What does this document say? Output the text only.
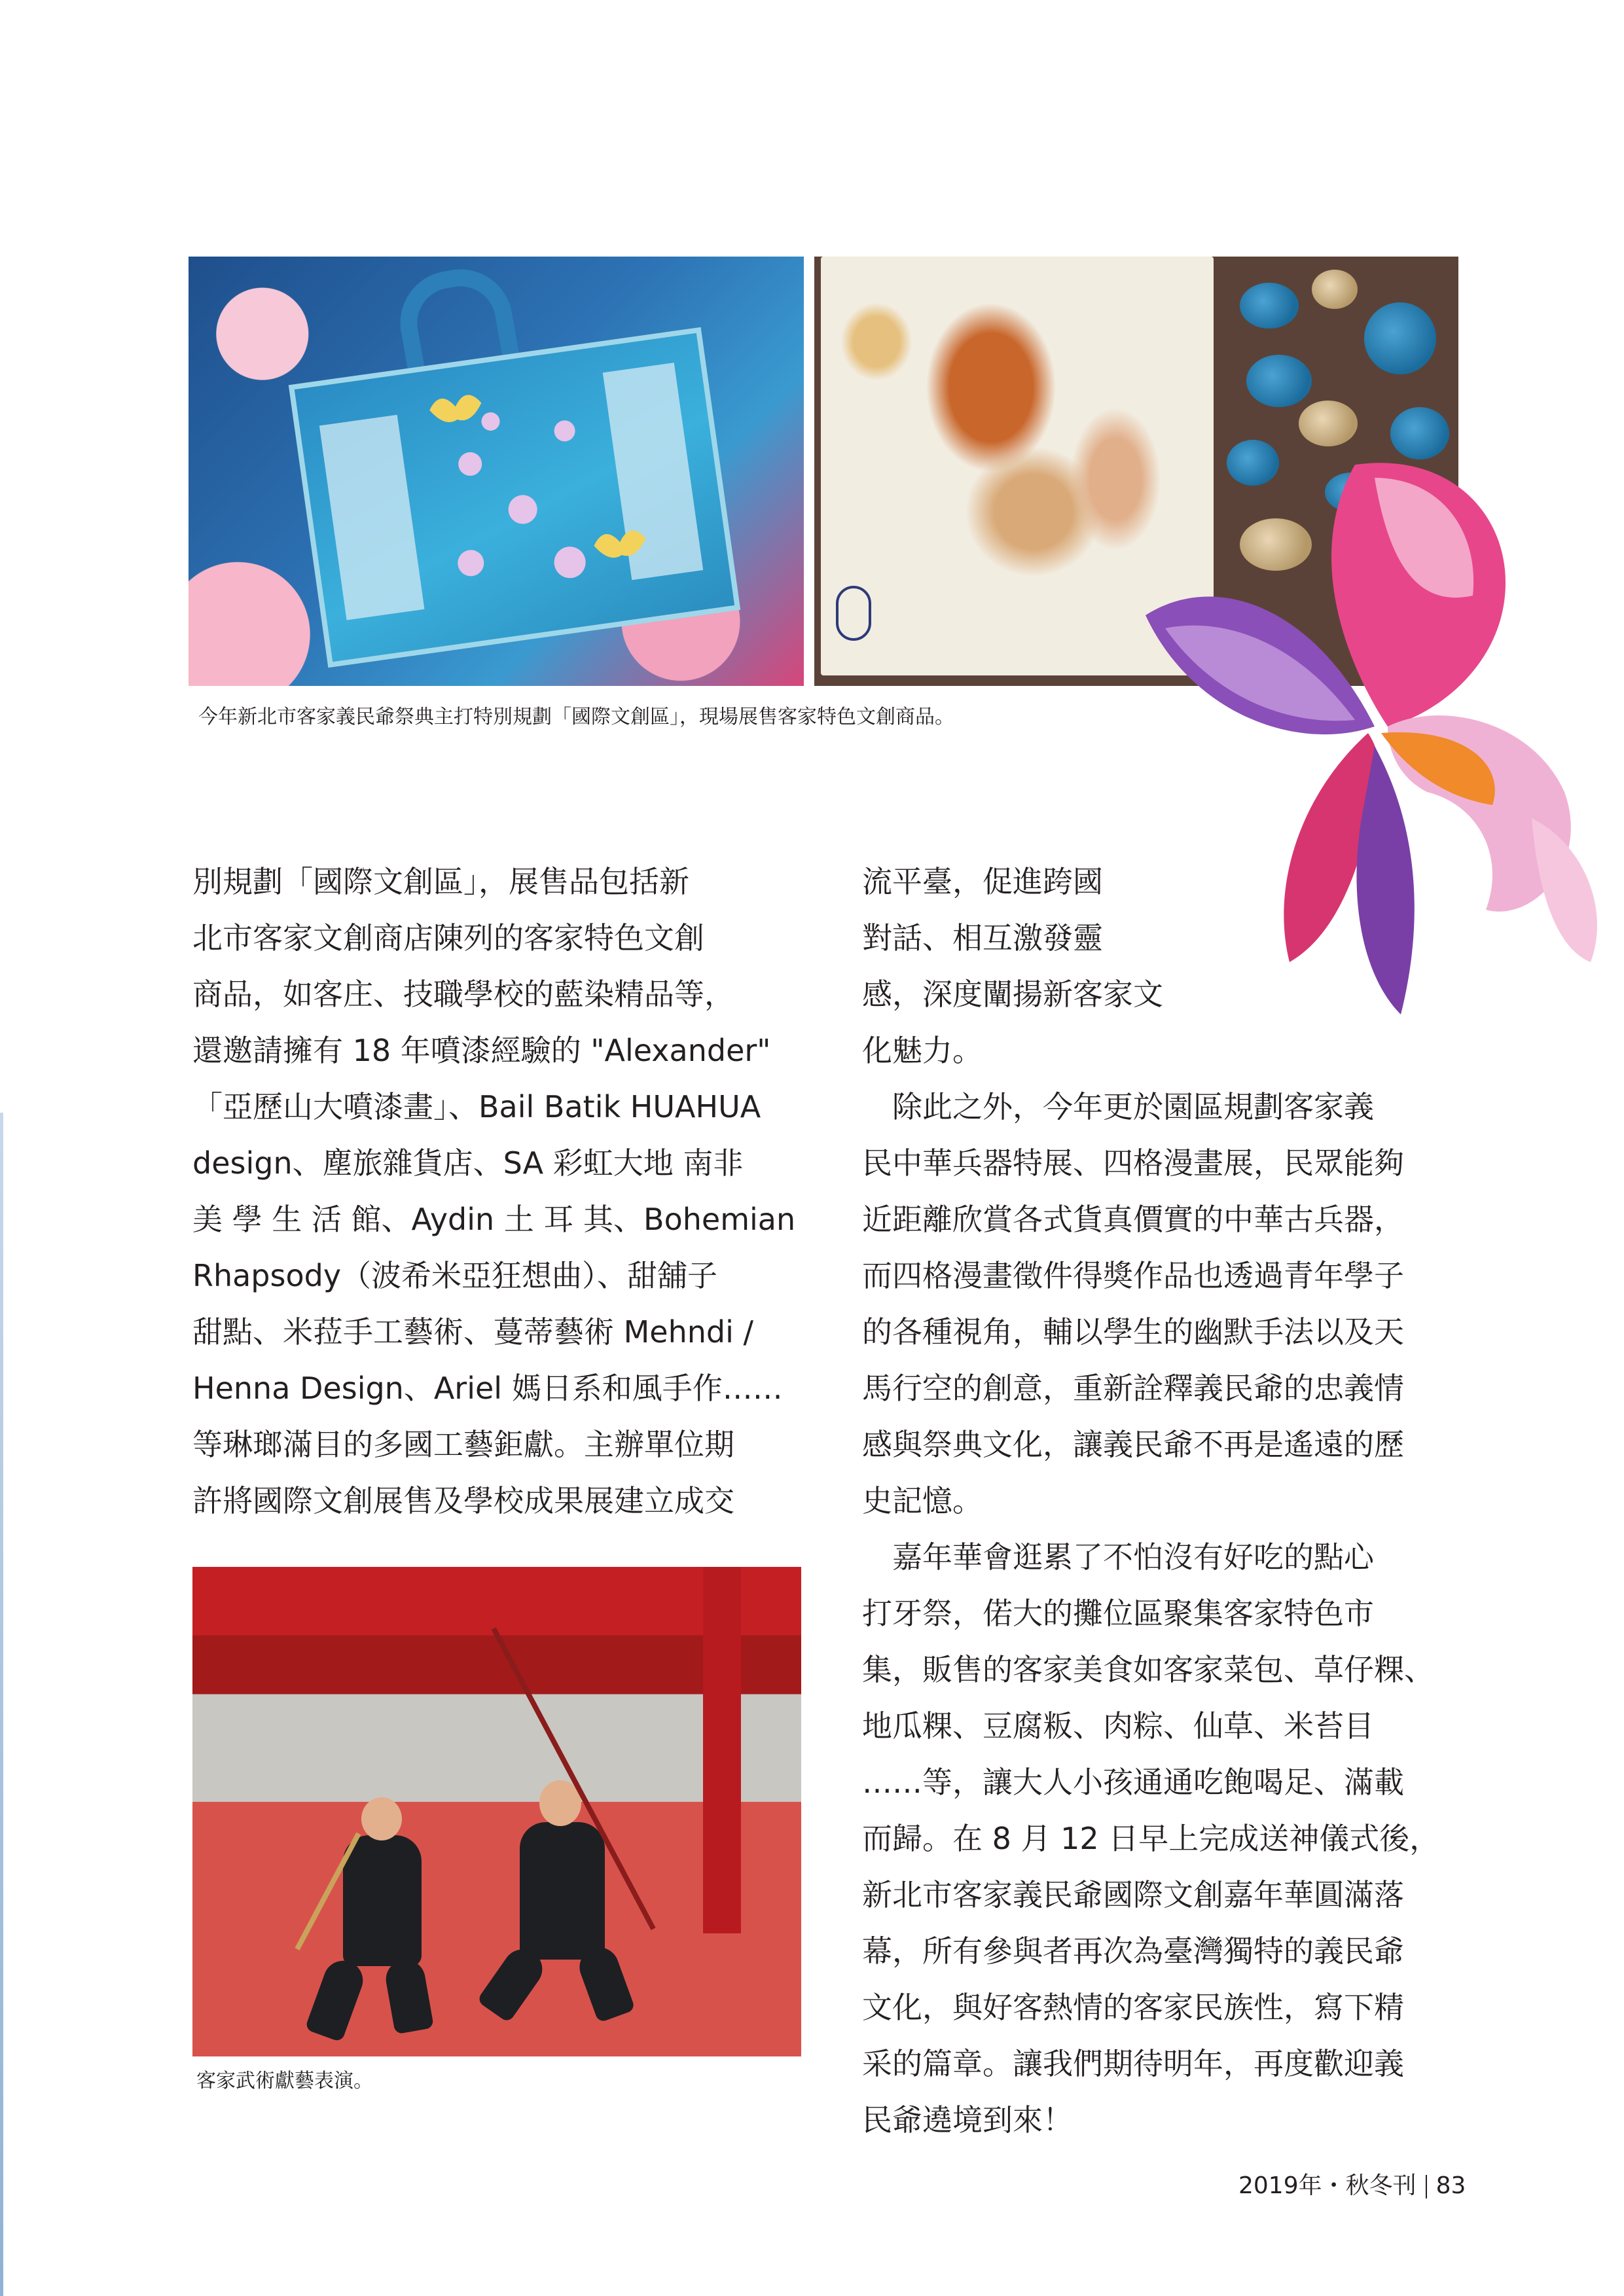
今年新北市客家義民爺祭典主打特別規劃「國際文創區」，現場展售客家特色文創商品。
客家武術獻藝表演。

別規劃「國際文創區」，展售品包括新
北市客家文創商店陳列的客家特色文創
商品，如客庄、技職學校的藍染精品等，
還邀請擁有 18 年噴漆經驗的 "Alexander"
「亞歷山大噴漆畫」、Bail Batik HUAHUA
design、塵旅雜貨店、SA 彩虹大地 南非
美 學 生 活 館、Aydin 土 耳 其、Bohemian
Rhapsody（波希米亞狂想曲）、甜舖子
甜點、米菈手工藝術、蔓蒂藝術 Mehndi /
Henna Design、Ariel 媽日系和風手作……
等琳瑯滿目的多國工藝鉅獻。主辦單位期
許將國際文創展售及學校成果展建立成交

流平臺，促進跨國
對話、相互激發靈
感，深度闡揚新客家文
化魅力。

　除此之外，今年更於園區規劃客家義
民中華兵器特展、四格漫畫展，民眾能夠
近距離欣賞各式貨真價實的中華古兵器，
而四格漫畫徵件得獎作品也透過青年學子
的各種視角，輔以學生的幽默手法以及天
馬行空的創意，重新詮釋義民爺的忠義情
感與祭典文化，讓義民爺不再是遙遠的歷
史記憶。
　嘉年華會逛累了不怕沒有好吃的點心
打牙祭，偌大的攤位區聚集客家特色市
集，販售的客家美食如客家菜包、草仔粿、
地瓜粿、豆腐粄、肉粽、仙草、米苔目
……等，讓大人小孩通通吃飽喝足、滿載
而歸。在 8 月 12 日早上完成送神儀式後，
新北市客家義民爺國際文創嘉年華圓滿落
幕，所有參與者再次為臺灣獨特的義民爺
文化，與好客熱情的客家民族性，寫下精
采的篇章。讓我們期待明年，再度歡迎義
民爺遶境到來！

2019年・秋冬刊 83
